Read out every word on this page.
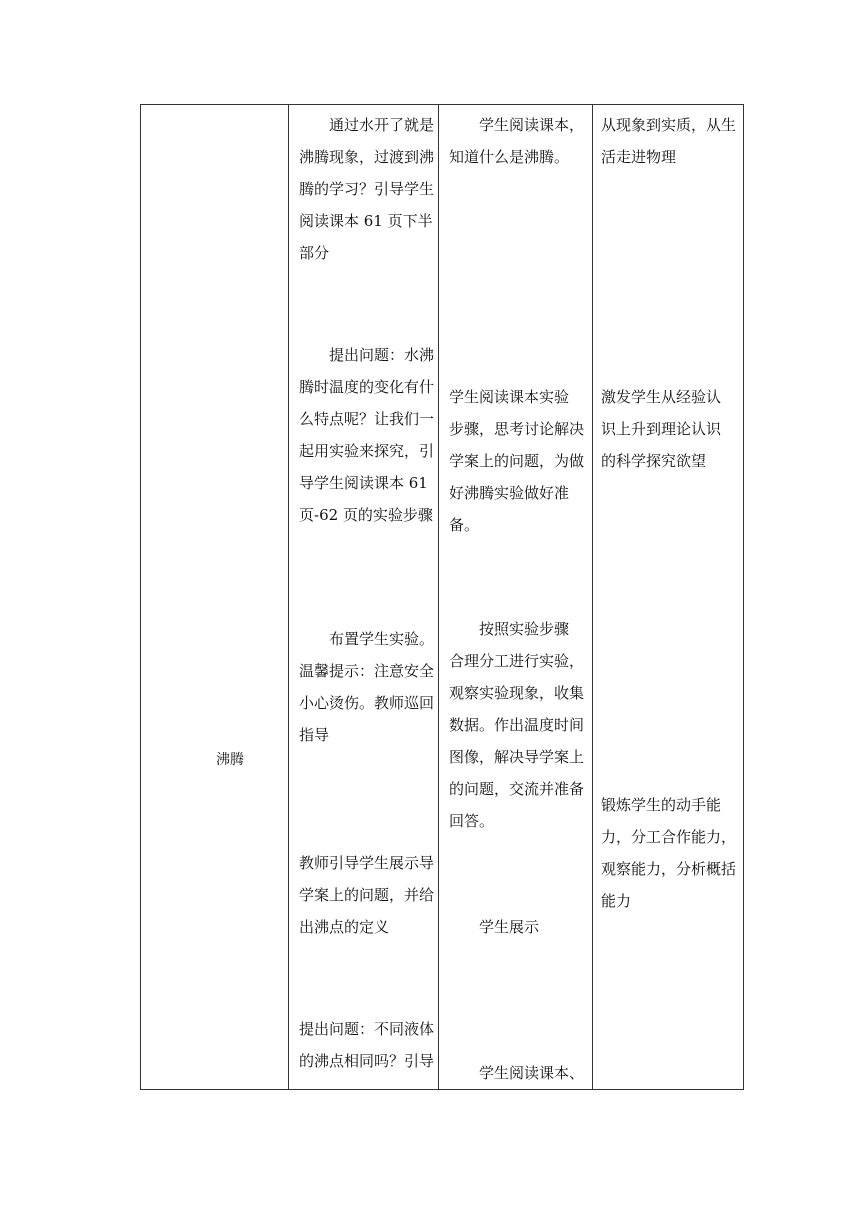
沸腾
　　通过水开了就是
沸腾现象，过渡到沸
腾的学习？引导学生
阅读课本 61 页下半
部分
　　提出问题：水沸
腾时温度的变化有什
么特点呢？让我们一
起用实验来探究，引
导学生阅读课本 61
页-62 页的实验步骤
　　布置学生实验。
温馨提示：注意安全
小心烫伤。教师巡回
指导
教师引导学生展示导
学案上的问题，并给
出沸点的定义
提出问题：不同液体
的沸点相同吗？引导
　　学生阅读课本，
知道什么是沸腾。
学生阅读课本实验
步骤，思考讨论解决
学案上的问题，为做
好沸腾实验做好准
备。
　　按照实验步骤
合理分工进行实验，
观察实验现象，收集
数据。作出温度时间
图像，解决导学案上
的问题，交流并准备
回答。
　　学生展示
　　学生阅读课本、
从现象到实质，从生
活走进物理
激发学生从经验认
识上升到理论认识
的科学探究欲望
锻炼学生的动手能
力，分工合作能力，
观察能力，分析概括
能力
